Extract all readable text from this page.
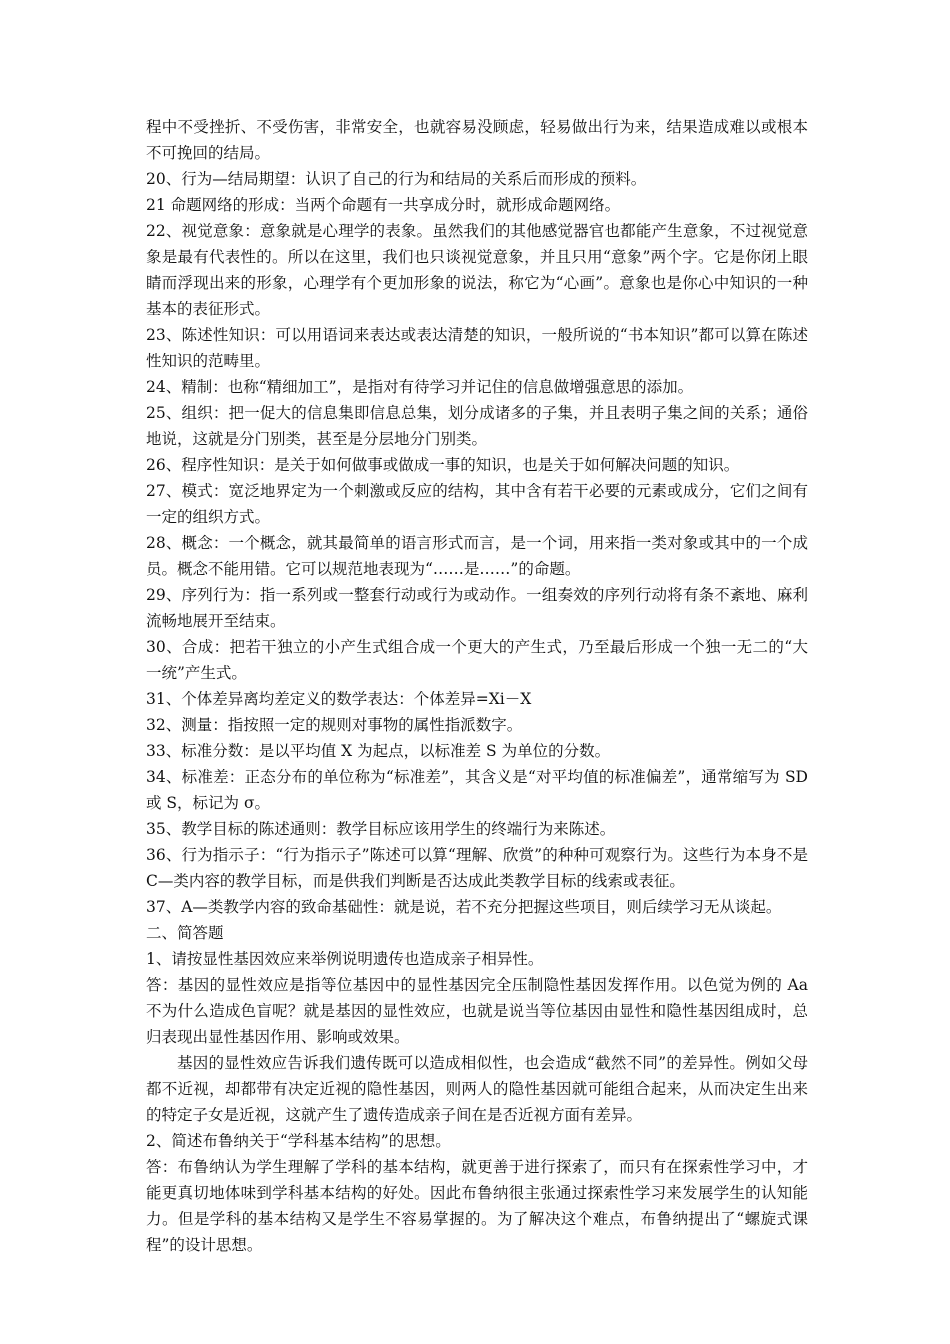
程中不受挫折、不受伤害，非常安全，也就容易没顾虑，轻易做出行为来，结果造成难以或根本不可挽回的结局。

20、行为—结局期望：认识了自己的行为和结局的关系后而形成的预料。

21 命题网络的形成：当两个命题有一共享成分时，就形成命题网络。

22、视觉意象：意象就是心理学的表象。虽然我们的其他感觉器官也都能产生意象，不过视觉意象是最有代表性的。所以在这里，我们也只谈视觉意象，并且只用“意象”两个字。它是你闭上眼睛而浮现出来的形象，心理学有个更加形象的说法，称它为“心画”。意象也是你心中知识的一种基本的表征形式。

23、陈述性知识：可以用语词来表达或表达清楚的知识，一般所说的“书本知识”都可以算在陈述性知识的范畴里。

24、精制：也称“精细加工”，是指对有待学习并记住的信息做增强意思的添加。

25、组织：把一促大的信息集即信息总集，划分成诸多的子集，并且表明子集之间的关系；通俗地说，这就是分门别类，甚至是分层地分门别类。

26、程序性知识：是关于如何做事或做成一事的知识，也是关于如何解决问题的知识。

27、模式：宽泛地界定为一个刺激或反应的结构，其中含有若干必要的元素或成分，它们之间有一定的组织方式。

28、概念：一个概念，就其最简单的语言形式而言，是一个词，用来指一类对象或其中的一个成员。概念不能用错。它可以规范地表现为“……是……”的命题。

29、序列行为：指一系列或一整套行动或行为或动作。一组奏效的序列行动将有条不紊地、麻利流畅地展开至结束。

30、合成：把若干独立的小产生式组合成一个更大的产生式，乃至最后形成一个独一无二的“大一统”产生式。

31、个体差异离均差定义的数学表达：个体差异=Xi－X

32、测量：指按照一定的规则对事物的属性指派数字。

33、标准分数：是以平均值 X 为起点，以标准差 S 为单位的分数。

34、标准差：正态分布的单位称为“标准差”，其含义是“对平均值的标准偏差”，通常缩写为 SD 或 S，标记为 σ。

35、教学目标的陈述通则：教学目标应该用学生的终端行为来陈述。

36、行为指示子：“行为指示子”陈述可以算“理解、欣赏”的种种可观察行为。这些行为本身不是 C—类内容的教学目标，而是供我们判断是否达成此类教学目标的线索或表征。

37、A—类教学内容的致命基础性：就是说，若不充分把握这些项目，则后续学习无从谈起。

二、简答题

1、请按显性基因效应来举例说明遗传也造成亲子相异性。

答：基因的显性效应是指等位基因中的显性基因完全压制隐性基因发挥作用。以色觉为例的 Aa 不为什么造成色盲呢？就是基因的显性效应，也就是说当等位基因由显性和隐性基因组成时，总归表现出显性基因作用、影响或效果。

基因的显性效应告诉我们遗传既可以造成相似性，也会造成“截然不同”的差异性。例如父母都不近视，却都带有决定近视的隐性基因，则两人的隐性基因就可能组合起来，从而决定生出来的特定子女是近视，这就产生了遗传造成亲子间在是否近视方面有差异。

2、简述布鲁纳关于“学科基本结构”的思想。

答：布鲁纳认为学生理解了学科的基本结构，就更善于进行探索了，而只有在探索性学习中，才能更真切地体味到学科基本结构的好处。因此布鲁纳很主张通过探索性学习来发展学生的认知能力。但是学科的基本结构又是学生不容易掌握的。为了解决这个难点，布鲁纳提出了“螺旋式课程”的设计思想。
